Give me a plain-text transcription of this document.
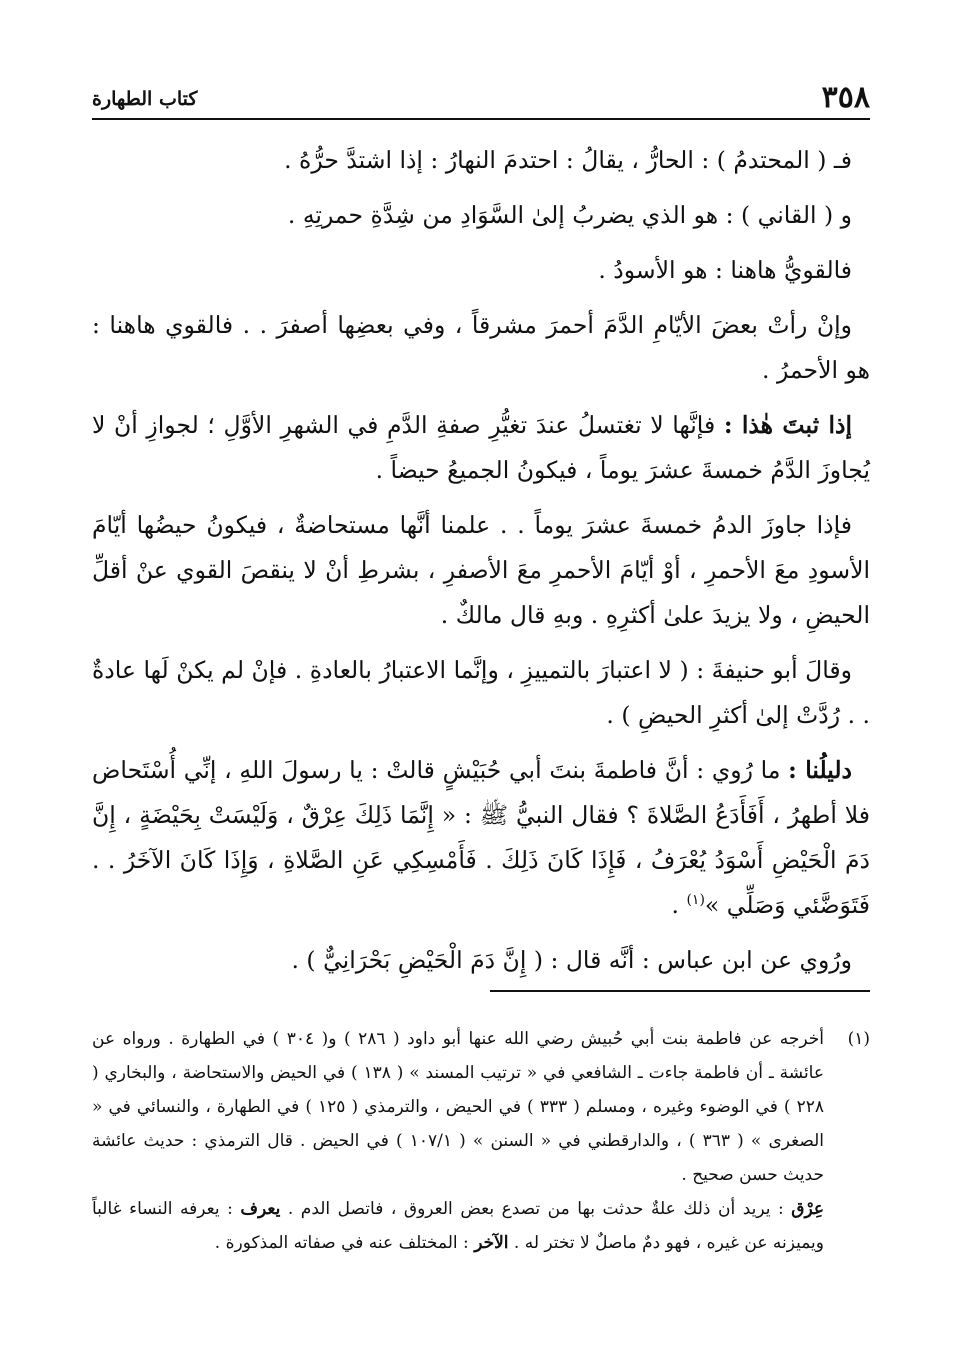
٣٥٨
كتاب الطهارة

فـ ( المحتدمُ ) : الحارُّ ، يقالُ : احتدمَ النهارُ : إذا اشتدَّ حرُّهُ .

و ( القاني ) : هو الذي يضربُ إلىٰ السَّوَادِ من شِدَّةِ حمرتِهِ .

فالقويُّ هاهنا : هو الأسودُ .

وإنْ رأتْ بعضَ الأيّامِ الدَّمَ أحمرَ مشرقاً ، وفي بعضِها أصفرَ . . فالقوي هاهنا : هو الأحمرُ .

إذا ثبتَ هٰذا : فإنَّها لا تغتسلُ عندَ تغيُّرِ صفةِ الدَّمِ في الشهرِ الأوَّلِ ؛ لجوازِ أنْ لا يُجاوزَ الدَّمُ خمسةَ عشرَ يوماً ، فيكونُ الجميعُ حيضاً .

فإذا جاوزَ الدمُ خمسةَ عشرَ يوماً . . علمنا أنَّها مستحاضةٌ ، فيكونُ حيضُها أيّامَ الأسودِ معَ الأحمرِ ، أوْ أيّامَ الأحمرِ معَ الأصفرِ ، بشرطِ أنْ لا ينقصَ القوي عنْ أقلِّ الحيضِ ، ولا يزيدَ علىٰ أكثرِهِ . وبهِ قال مالكٌ .

وقالَ أبو حنيفةَ : ( لا اعتبارَ بالتمييزِ ، وإنَّما الاعتبارُ بالعادةِ . فإنْ لم يكنْ لَها عادةٌ . . رُدَّتْ إلىٰ أكثرِ الحيضِ ) .

دليلُنا : ما رُوي : أنَّ فاطمةَ بنتَ أبي حُبَيْشٍ قالتْ : يا رسولَ اللهِ ، إنِّي أُسْتَحاض فلا أطهرُ ، أَفَأَدَعُ الصَّلاةَ ؟ فقال النبيُّ ﷺ : « إِنَّمَا ذَلِكَ عِرْقٌ ، وَلَيْسَتْ بِحَيْضَةٍ ، إِنَّ دَمَ الْحَيْضِ أَسْوَدُ يُعْرَفُ ، فَإِذَا كَانَ ذَلِكَ . فَأَمْسِكِي عَنِ الصَّلاةِ ، وَإِذَا كَانَ الآخَرُ . . فَتَوَضَّئي وَصَلِّي »$^{(١)}$ .

ورُوي عن ابن عباس : أنَّه قال : ( إِنَّ دَمَ الْحَيْضِ بَحْرَانِيٌّ ) .

(١)
أخرجه عن فاطمة بنت أبي حُبيش رضي الله عنها أبو داود ( ٢٨٦ ) و( ٣٠٤ ) في الطهارة . ورواه عن عائشة ـ أن فاطمة جاءت ـ الشافعي في « ترتيب المسند » ( ١٣٨ ) في الحيض والاستحاضة ، والبخاري ( ٢٢٨ ) في الوضوء وغيره ، ومسلم ( ٣٣٣ ) في الحيض ، والترمذي ( ١٢٥ ) في الطهارة ، والنسائي في « الصغرى » ( ٣٦٣ ) ، والدارقطني في « السنن » ( ١٠٧/١ ) في الحيض . قال الترمذي : حديث عائشة حديث حسن صحيح .

عِرْق : يريد أن ذلك علةٌ حدثت بها من تصدع بعض العروق ، فاتصل الدم . يعرف : يعرفه النساء غالباً ويميزنه عن غيره ، فهو دمٌ ماصلٌ لا تختر له . الآخر : المختلف عنه في صفاته المذكورة .
